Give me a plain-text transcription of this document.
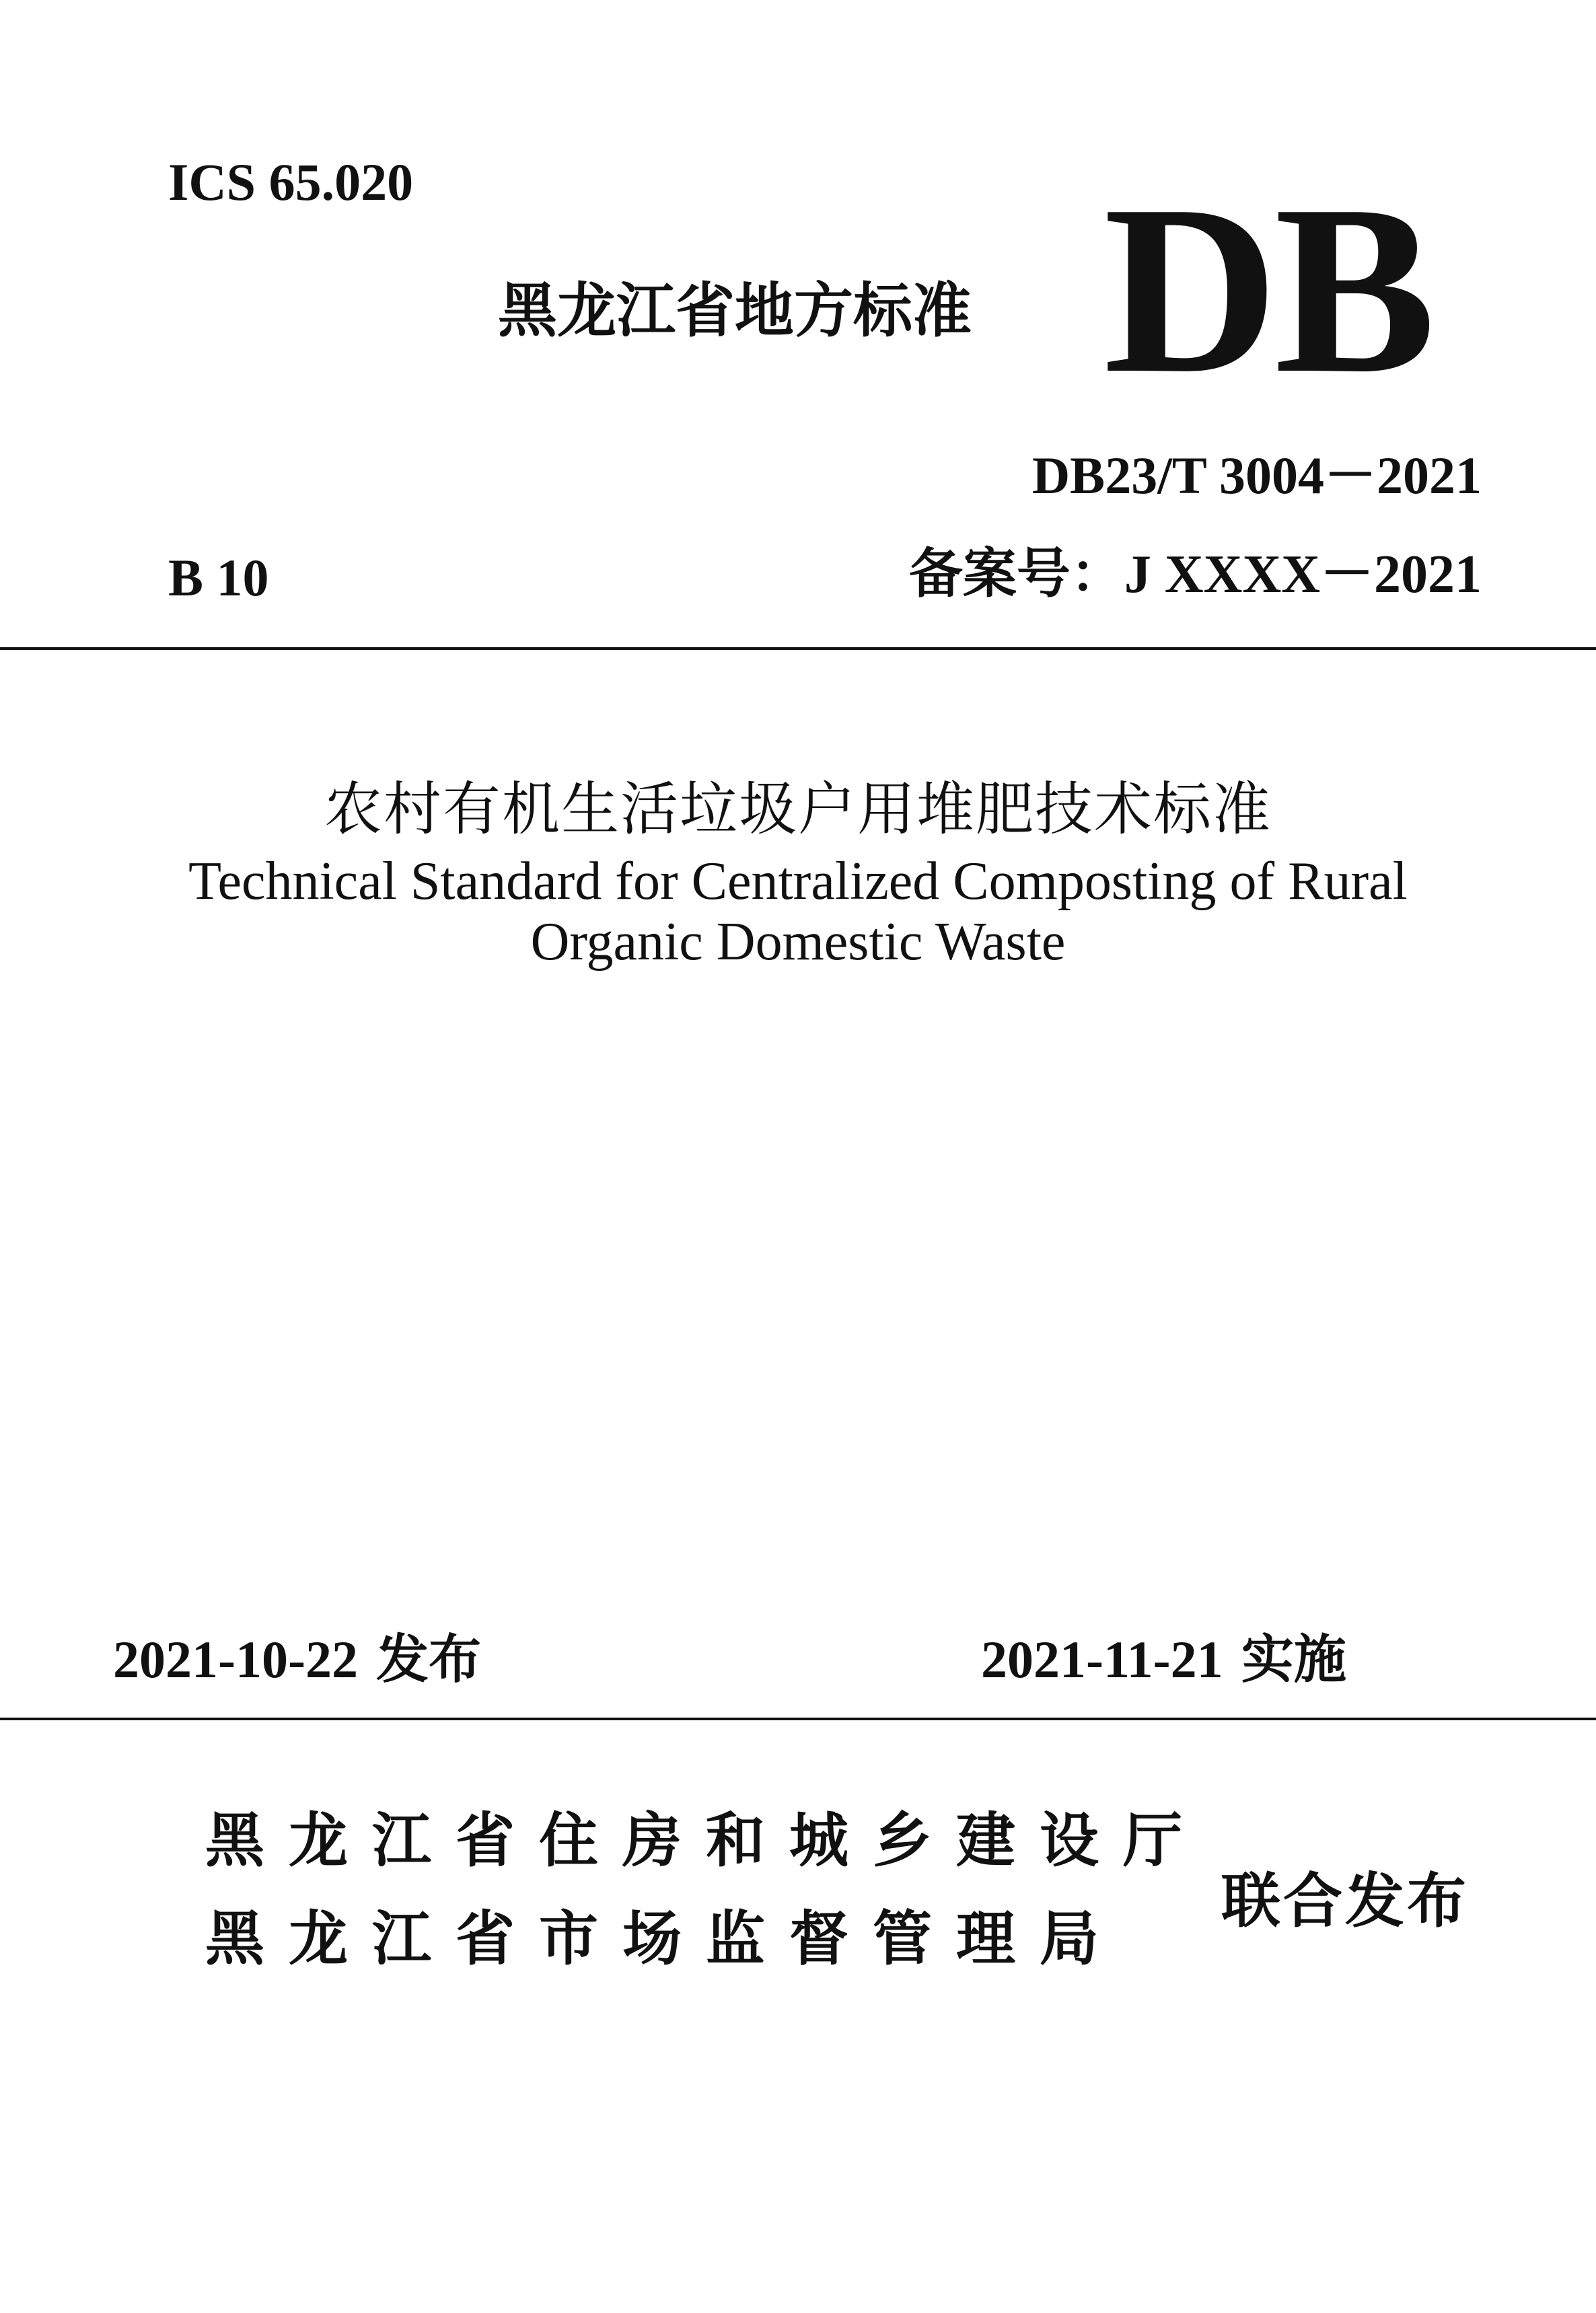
ICS 65.020
黑龙江省地方标准 DB
DB23/T 3004－2021
B 10	备案号：J XXXX－2021
农村有机生活垃圾户用堆肥技术标准
Technical Standard for Centralized Composting of Rural
Organic Domestic Waste
2021-10-22 发布	2021-11-21 实施
黑龙江省住房和城乡建设厅
黑龙江省市场监督管理局
联合发布
